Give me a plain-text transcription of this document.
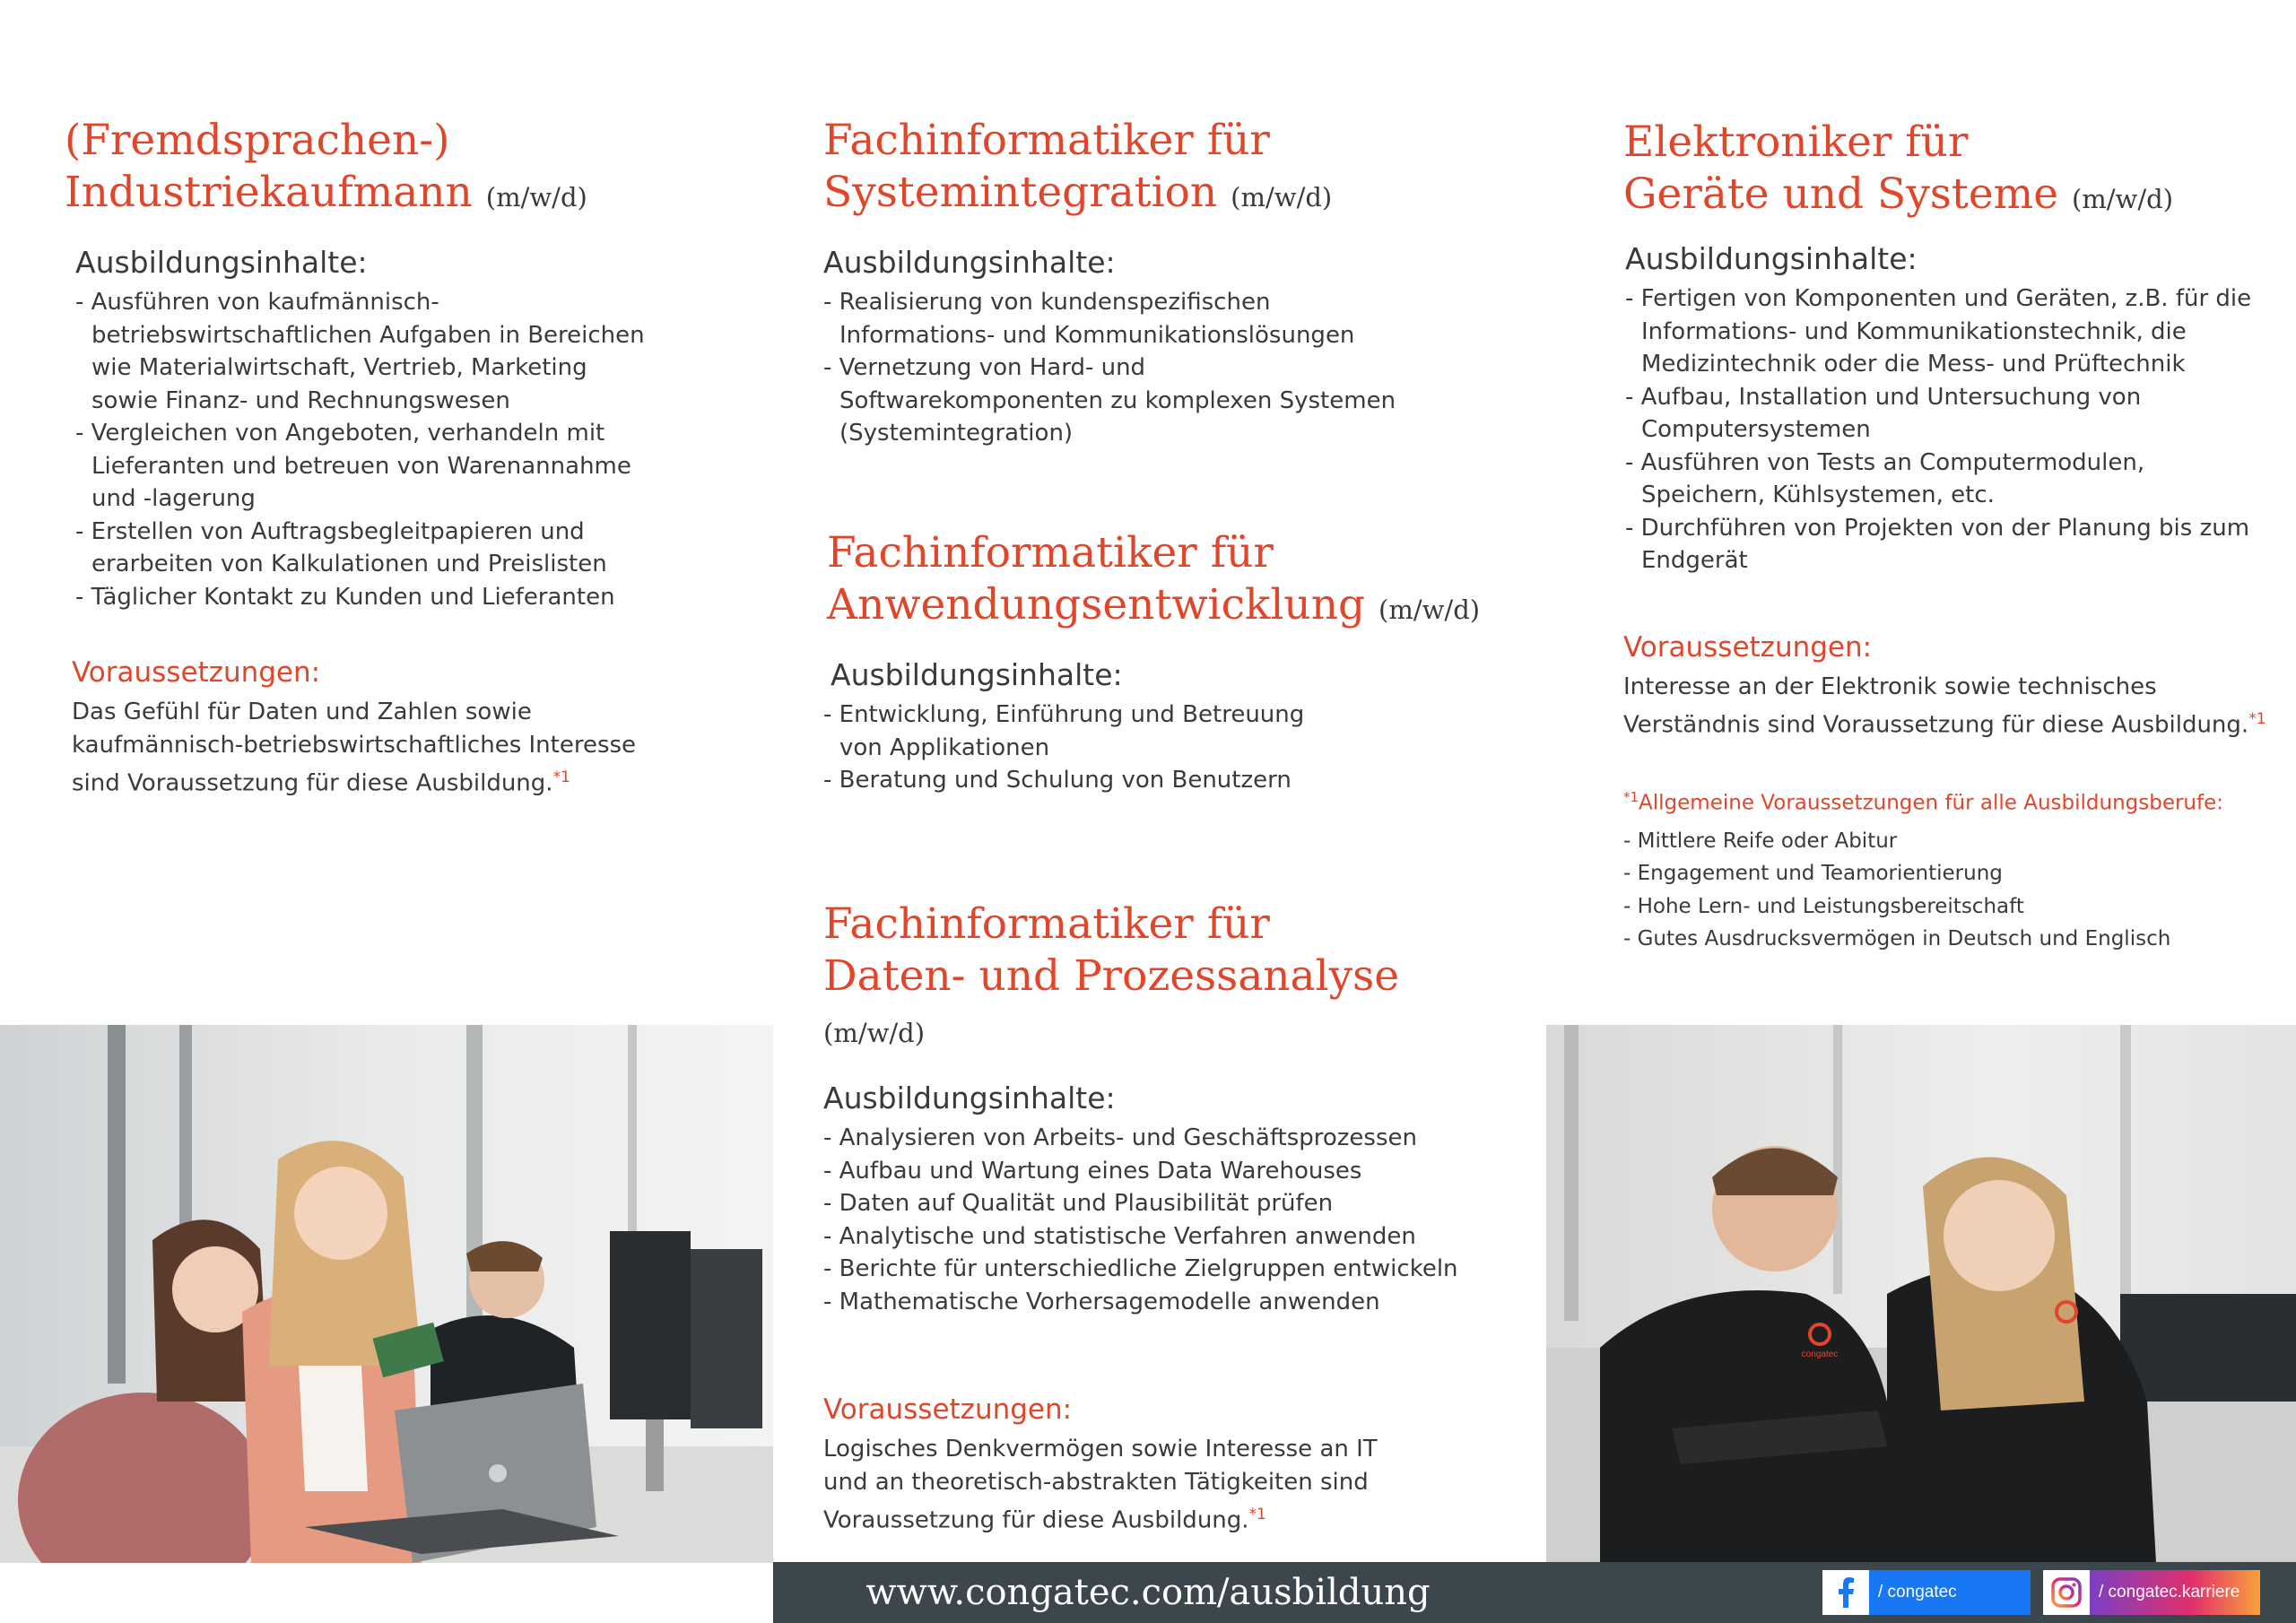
(Fremdsprachen-)
Industriekaufmann (m/w/d)

Ausbildungsinhalte:

- Ausführen von kaufmännisch-betriebswirtschaftlichen Aufgaben in Bereichen wie Materialwirtschaft, Vertrieb, Marketing sowie Finanz- und Rechnungswesen
- Vergleichen von Angeboten, verhandeln mit Lieferanten und betreuen von Warenannahme und -lagerung
- Erstellen von Auftragsbegleitpapieren und erarbeiten von Kalkulationen und Preislisten
- Täglicher Kontakt zu Kunden und Lieferanten

Voraussetzungen:

Das Gefühl für Daten und Zahlen sowie kaufmännisch-betriebswirtschaftliches Interesse sind Voraussetzung für diese Ausbildung.$^{*1}$

Fachinformatiker für
Systemintegration (m/w/d)

Ausbildungsinhalte:

- Realisierung von kundenspezifischen Informations- und Kommunikationslösungen
- Vernetzung von Hard- und Softwarekomponenten zu komplexen Systemen (Systemintegration)
Fachinformatiker für
Anwendungsentwicklung (m/w/d)

Ausbildungsinhalte:

- Entwicklung, Einführung und Betreuung von Applikationen
- Beratung und Schulung von Benutzern
Fachinformatiker für
Daten- und Prozessanalyse (m/w/d)

Ausbildungsinhalte:

- Analysieren von Arbeits- und Geschäftsprozessen
- Aufbau und Wartung eines Data Warehouses
- Daten auf Qualität und Plausibilität prüfen
- Analytische und statistische Verfahren anwenden
- Berichte für unterschiedliche Zielgruppen entwickeln
- Mathematische Vorhersagemodelle anwenden

Voraussetzungen:

Logisches Denkvermögen sowie Interesse an IT und an theoretisch-abstrakten Tätigkeiten sind Voraussetzung für diese Ausbildung.$^{*1}$

Elektroniker für
Geräte und Systeme (m/w/d)

Ausbildungsinhalte:

- Fertigen von Komponenten und Geräten, z.B. für die Informations- und Kommunikationstechnik, die Medizintechnik oder die Mess- und Prüftechnik
- Aufbau, Installation und Untersuchung von Computersystemen
- Ausführen von Tests an Computermodulen, Speichern, Kühlsystemen, etc.
- Durchführen von Projekten von der Planung bis zum Endgerät

Voraussetzungen:

Interesse an der Elektronik sowie technisches Verständnis sind Voraussetzung für diese Ausbildung.$^{*1}$

$^{*1}$Allgemeine Voraussetzungen für alle Ausbildungsberufe:

- Mittlere Reife oder Abitur
- Engagement und Teamorientierung
- Hohe Lern- und Leistungsbereitschaft
- Gutes Ausdrucksvermögen in Deutsch und Englisch
congatec
www.congatec.com/ausbildung	/ congatec	/ congatec.karriere
